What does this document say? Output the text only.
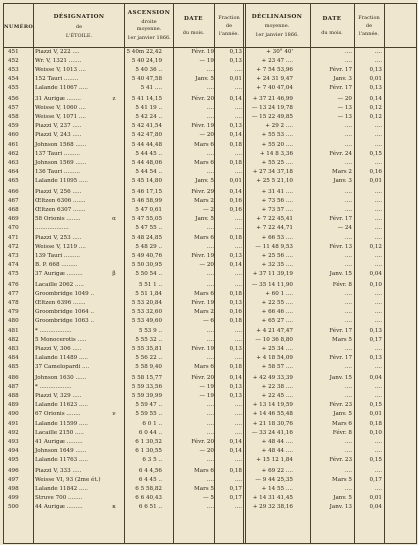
NUMÉRO.
DÉSIGNATION
de
L'ÉTOILE.
ASCENSION
droite
moyenne.
1er janvier 1866.
DATE
du mois.
Fraction
de
l'année.
DÉCLINAISON
moyenne.
1er janvier 1866.
DATE
du mois.
Fraction
de
l'année.
451	Piazzi V, 222 ....	5 40m 22,42	Févr. 19	0,13	+ 30° 40'	....	....
452	Wr. V, 1321 .......	5 40 24,19	— 19	0,13	+ 23 47 ....	....	....
453	Weisse V, 1013 ....	5 40 36 ..	....	....	+ 7 54 53,96	Févr. 17	0,13
454	152 Tauri ........	5 40 47,58	Janv. 5	0,01	+ 24 31 9,47	Janv. 3	0,01
455	Lalande 11067 .....	5 41 ....	....	....	+ 7 40 47,04	Févr. 17	0,13
456	31 Aurigæ ........	z	5 41 14,15	Févr. 20	0,14	+ 37 21 46,99	— 20	0,14
457	Weisse V, 1060 ....	5 41 19 ..	....	....	— 13 24 19,78	— 13	0,12
458	Weisse V, 1071 ....	5 42 24 ..	....	....	— 15 22 49,85	— 13	0,12
459	Piazzi V, 237 .....	5 42 41,54	Févr. 19	0,13	+ 29 2 ....	....	....
460	Piazzi V, 243 .....	5 42 47,80	— 20	0,14	+ 55 53 ....	....	....
461	Johnson 1568 ......	5 44 44,48	Mars 6	0,18	+ 55 20 ....	....	....
462	137 Tauri .........	5 44 45 ..	....	....	+ 14 8 3,36	Févr. 24	0,15
463	Johnson 1569 ......	5 44 48,06	Mars 6	0,18	+ 55 25 ....	....	....
464	136 Tauri .........	5 44 54 ..	....	....	+ 27 34 37,18	Mars 2	0,16
465	Lalande 11095 .....	5 45 14,80	Janv. 5	0,01	+ 25 5 21,10	Janv. 3	0,01
466	Piazzi V, 256 .....	5 46 17,15	Févr. 29	0,14	+ 31 41 ....	....	....
467	Œltzen 6306 .......	5 46 58,99	Mars 2	0,16	+ 73 56 ....	....	....
468	Œltzen 6307 .......	5 47 0,61	— 2	0,16	+ 73 57 ....	....	....
469	58 Orionis ........	α	5 47 55,05	Janv. 5	....	+ 7 22 45,41	Févr. 17	....
470	...................	5 47 55 ..	....	....	+ 7 22 44,71	— 24	....
471	Piazzi V, 253 .....	5 48 24,85	Mars 6	0,18	+ 66 53 ....	....	....
472	Weisse V, 1219 ....	5 48 29 ..	....	....	— 11 48 9,53	Févr. 13	0,12
473	139 Tauri .........	5 49 40,76	Févr. 19	0,13	+ 25 56 ....	....	....
474	B. P. 668 .........	5 50 30,95	— 20	0,14	+ 32 35 ....	....	....
475	37 Aurigæ .........	β	5 50 54 ..	....	....	+ 37 11 39,19	Janv. 15	0,04
476	Lacaille 2062 .....	5 51 1 ..	....	....	— 35 14 11,90	Févr. 8	0,10
477	Groombridge 1049 ..	5 51 1,84	Mars 6	0,18	+ 60 1 ....	....	....
478	Œltzen 6396 .......	5 53 20,84	Févr. 19	0,13	+ 22 55 ....	....	....
479	Groombridge 1064 ..	5 53 32,60	Mars 2	0,16	+ 66 46 ....	....	....
480	Groombridge 1063 ..	5 53 49,60	— 6	0,18	+ 65 27 ....	....	....
481	* ..................	5 53 9 ..	....	....	+ 4 21 47,47	Févr. 17	0,13
482	5 Monocerotis .....	5 55 32 ..	....	....	— 10 36 8,80	Mars 5	0,17
483	Piazzi V, 306 .....	5 55 35,81	Févr. 19	0,13	+ 25 34 ....	....	....
484	Lalande 11489 .....	5 56 22 ..	....	....	+ 4 18 54,09	Févr. 17	0,13
485	37 Camelopardi ....	5 58 9,40	Mars 6	0,18	+ 58 57 ....	....	....
486	Johnson 1630 ......	5 58 15,77	Févr. 20	0,14	+ 42 49 33,39	Janv. 15	0,04
487	* ..................	5 59 33,56	— 19	0,13	+ 22 38 ....	....	....
488	Piazzi V, 329 .....	5 59 39,99	— 19	0,13	+ 22 45 ....	....	....
489	Lalande 11623 .....	5 59 47 ..	....	....	+ 13 14 19,59	Févr. 23	0,15
490	67 Orionis ........	ν	5 59 55 ..	....	....	+ 14 46 55,48	Janv. 5	0,01
491	Lalande 11599 .....	6 0 1 ..	....	....	+ 21 18 30,76	Mars 6	0,18
492	Lacaille 2150 .....	6 0 44 ..	....	....	— 33 24 41,16	Févr. 8	0,10
493	41 Aurigæ .........	6 1 30,52	Févr. 20	0,14	+ 48 44 ....	....	....
494	Johnson 1649 ......	6 1 30,55	— 20	0,14	+ 48 44 ....	....	....
495	Lalande 11763 .....	6 3 5 ..	....	....	+ 15 12 1,84	Févr. 23	0,15
496	Piazzi V, 333 .....	6 4 4,56	Mars 6	0,18	+ 69 22 ....	....	....
497	Weisse VI, 93 (2me ét.)	6 4 45 ..	....	....	— 9 44 25,35	Mars 5	0,17
498	Lalande 11842 .....	6 5 58,82	Mars 5	0,17	+ 14 55 ....	....	....
499	Struve 700 ........	6 6 40,43	— 5	0,17	+ 14 31 41,45	Janv. 5	0,01
500	44 Aurigæ .........	κ	6 6 51 ..	....	....	+ 29 32 38,16	Janv. 13	0,04
